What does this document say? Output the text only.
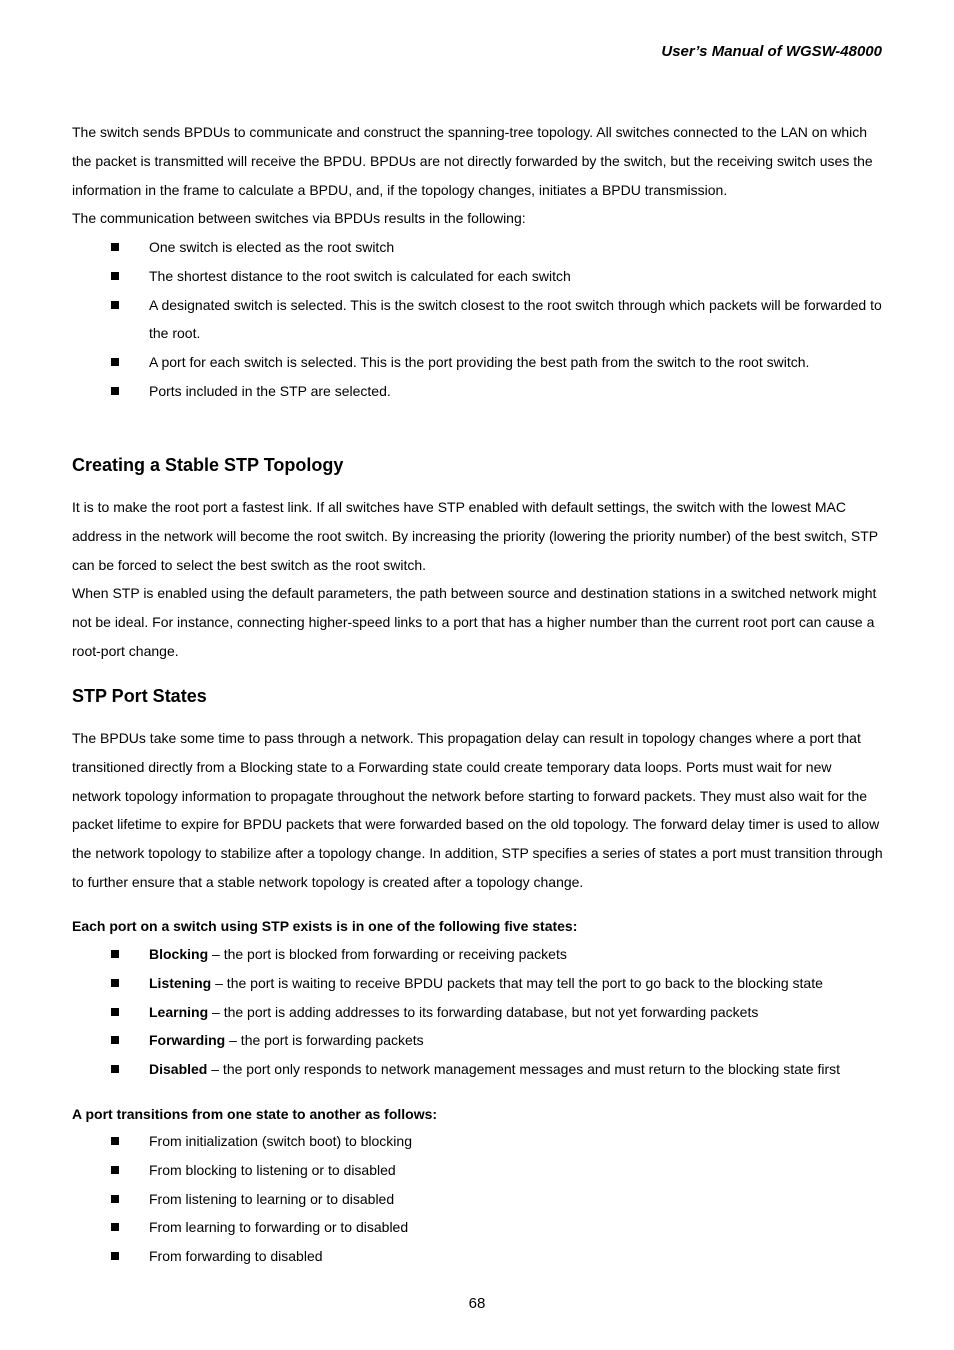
User’s Manual of WGSW-48000

The switch sends BPDUs to communicate and construct the spanning-tree topology. All switches connected to the LAN on which the packet is transmitted will receive the BPDU. BPDUs are not directly forwarded by the switch, but the receiving switch uses the information in the frame to calculate a BPDU, and, if the topology changes, initiates a BPDU transmission.

The communication between switches via BPDUs results in the following:

One switch is elected as the root switch
The shortest distance to the root switch is calculated for each switch
A designated switch is selected. This is the switch closest to the root switch through which packets will be forwarded to the root.
A port for each switch is selected. This is the port providing the best path from the switch to the root switch.
Ports included in the STP are selected.
Creating a Stable STP Topology

It is to make the root port a fastest link. If all switches have STP enabled with default settings, the switch with the lowest MAC address in the network will become the root switch. By increasing the priority (lowering the priority number) of the best switch, STP can be forced to select the best switch as the root switch.

When STP is enabled using the default parameters, the path between source and destination stations in a switched network might not be ideal. For instance, connecting higher-speed links to a port that has a higher number than the current root port can cause a root-port change.

STP Port States

The BPDUs take some time to pass through a network. This propagation delay can result in topology changes where a port that transitioned directly from a Blocking state to a Forwarding state could create temporary data loops. Ports must wait for new network topology information to propagate throughout the network before starting to forward packets. They must also wait for the packet lifetime to expire for BPDU packets that were forwarded based on the old topology. The forward delay timer is used to allow the network topology to stabilize after a topology change. In addition, STP specifies a series of states a port must transition through to further ensure that a stable network topology is created after a topology change.

Each port on a switch using STP exists is in one of the following five states:

Blocking – the port is blocked from forwarding or receiving packets
Listening – the port is waiting to receive BPDU packets that may tell the port to go back to the blocking state
Learning – the port is adding addresses to its forwarding database, but not yet forwarding packets
Forwarding – the port is forwarding packets
Disabled – the port only responds to network management messages and must return to the blocking state first

A port transitions from one state to another as follows:

From initialization (switch boot) to blocking
From blocking to listening or to disabled
From listening to learning or to disabled
From learning to forwarding or to disabled
From forwarding to disabled
68
